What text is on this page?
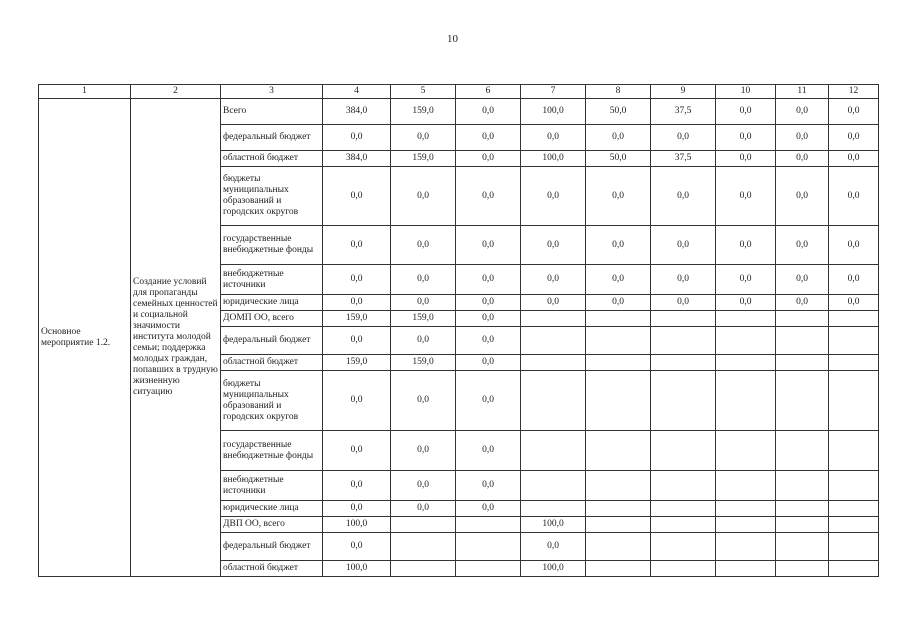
10
1	2	3	4	5	6	7	8	9	10	11	12
Основное мероприятие 1.2.	Создание условий для пропаганды семейных ценностей и социальной значимости института молодой семьи; поддержка молодых граждан, попавших в трудную жизненную ситуацию	Всего	384,0	159,0	0,0	100,0	50,0	37,5	0,0	0,0	0,0
		федеральный бюджет	0,0	0,0	0,0	0,0	0,0	0,0	0,0	0,0	0,0
		областной бюджет	384,0	159,0	0,0	100,0	50,0	37,5	0,0	0,0	0,0
		бюджеты муниципальных образований и городских округов	0,0	0,0	0,0	0,0	0,0	0,0	0,0	0,0	0,0
		государственные внебюджетные фонды	0,0	0,0	0,0	0,0	0,0	0,0	0,0	0,0	0,0
		внебюджетные источники	0,0	0,0	0,0	0,0	0,0	0,0	0,0	0,0	0,0
		юридические лица	0,0	0,0	0,0	0,0	0,0	0,0	0,0	0,0	0,0
		ДОМП ОО, всего	159,0	159,0	0,0						
		федеральный бюджет	0,0	0,0	0,0						
		областной бюджет	159,0	159,0	0,0						
		бюджеты муниципальных образований и городских округов	0,0	0,0	0,0						
		государственные внебюджетные фонды	0,0	0,0	0,0						
		внебюджетные источники	0,0	0,0	0,0						
		юридические лица	0,0	0,0	0,0						
		ДВП ОО, всего	100,0			100,0					
		федеральный бюджет	0,0			0,0					
		областной бюджет	100,0			100,0					
